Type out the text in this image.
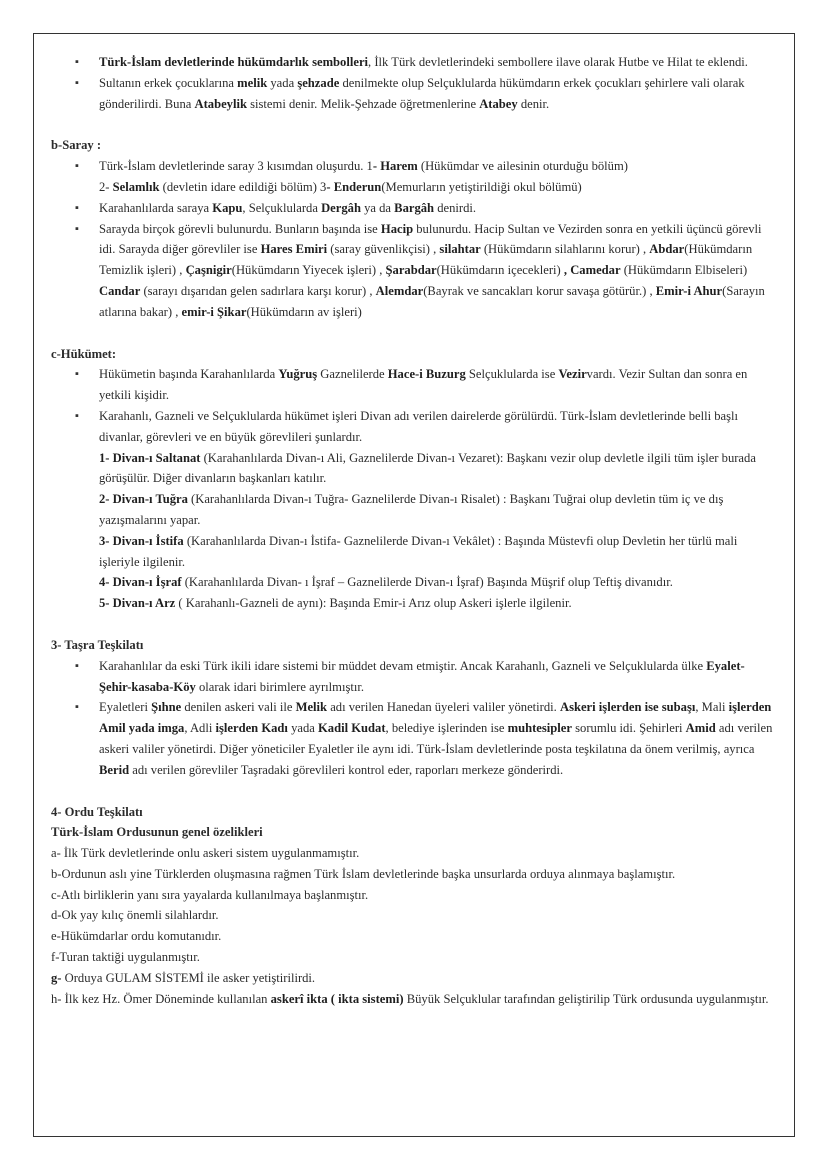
▪ Türk-İslam devletlerinde hükümdarlık sembolleri, İlk Türk devletlerindeki sembollere ilave olarak Hutbe ve Hilat te eklendi.
▪ Sultanın erkek çocuklarına melik yada şehzade denilmekte olup Selçuklularda hükümdarın erkek çocukları şehirlere vali olarak gönderilirdi. Buna Atabeylik sistemi denir. Melik-Şehzade öğretmenlerine Atabey denir.

b-Saray :

▪ Türk-İslam devletlerinde saray 3 kısımdan oluşurdu. 1- Harem (Hükümdar ve ailesinin oturduğu bölüm)
2- Selamlık (devletin idare edildiği bölüm) 3- Enderun(Memurların yetiştirildiği okul bölümü)
▪ Karahanlılarda saraya Kapu, Selçuklularda Dergâh ya da Bargâh denirdi.
▪ Sarayda birçok görevli bulunurdu. Bunların başında ise Hacip bulunurdu. Hacip Sultan ve Vezirden sonra en yetkili üçüncü görevli idi. Sarayda diğer görevliler ise Hares Emiri (saray güvenlikçisi) , silahtar (Hükümdarın silahlarını korur) , Abdar(Hükümdarın Temizlik işleri) , Çaşnigir(Hükümdarın Yiyecek işleri) , Şarabdar(Hükümdarın içecekleri) , Camedar (Hükümdarın Elbiseleri) Candar (sarayı dışarıdan gelen sadırlara karşı korur) , Alemdar(Bayrak ve sancakları korur savaşa götürür.) , Emir-i Ahur(Sarayın atlarına bakar) , emir-i Şikar(Hükümdarın av işleri)

c-Hükümet:

▪ Hükümetin başında Karahanlılarda Yuğruş Gaznelilerde Hace-i Buzurg Selçuklularda ise Vezirvardı. Vezir Sultan dan sonra en yetkili kişidir.
▪ Karahanlı, Gazneli ve Selçuklularda hükümet işleri Divan adı verilen dairelerde görülürdü. Türk-İslam devletlerinde belli başlı divanlar, görevleri ve en büyük görevlileri şunlardır.
1- Divan-ı Saltanat (Karahanlılarda Divan-ı Ali, Gaznelilerde Divan-ı Vezaret): Başkanı vezir olup devletle ilgili tüm işler burada görüşülür. Diğer divanların başkanları katılır.
2- Divan-ı Tuğra (Karahanlılarda Divan-ı Tuğra- Gaznelilerde Divan-ı Risalet) : Başkanı Tuğrai olup devletin tüm iç ve dış yazışmalarını yapar.
3- Divan-ı İstifa (Karahanlılarda Divan-ı İstifa- Gaznelilerde Divan-ı Vekâlet) : Başında Müstevfi olup Devletin her türlü mali işleriyle ilgilenir.
4- Divan-ı İşraf (Karahanlılarda Divan- ı İşraf – Gaznelilerde Divan-ı İşraf) Başında Müşrif olup Teftiş divanıdır.
5- Divan-ı Arz ( Karahanlı-Gazneli de aynı): Başında Emir-i Arız olup Askeri işlerle ilgilenir.

3- Taşra Teşkilatı

▪ Karahanlılar da eski Türk ikili idare sistemi bir müddet devam etmiştir. Ancak Karahanlı, Gazneli ve Selçuklularda ülke Eyalet-Şehir-kasaba-Köy olarak idari birimlere ayrılmıştır.
▪ Eyaletleri Şıhne denilen askeri vali ile Melik adı verilen Hanedan üyeleri valiler yönetirdi. Askeri işlerden ise subaşı, Mali işlerden Amil yada imga, Adli işlerden Kadı yada Kadil Kudat, belediye işlerinden ise muhtesipler sorumlu idi. Şehirleri Amid adı verilen askeri valiler yönetirdi. Diğer yöneticiler Eyaletler ile aynı idi. Türk-İslam devletlerinde posta teşkilatına da önem verilmiş, ayrıca Berid adı verilen görevliler Taşradaki görevlileri kontrol eder, raporları merkeze gönderirdi.

4- Ordu Teşkilatı

Türk-İslam Ordusunun genel özelikleri

a- İlk Türk devletlerinde onlu askeri sistem uygulanmamıştır.

b-Ordunun aslı yine Türklerden oluşmasına rağmen Türk İslam devletlerinde başka unsurlarda orduya alınmaya başlamıştır.

c-Atlı birliklerin yanı sıra yayalarda kullanılmaya başlanmıştır.

d-Ok yay kılıç önemli silahlardır.

e-Hükümdarlar ordu komutanıdır.

f-Turan taktiği uygulanmıştır.

g- Orduya GULAM SİSTEMİ ile asker yetiştirilirdi.

h- İlk kez Hz. Ömer Döneminde kullanılan askerî ikta ( ikta sistemi) Büyük Selçuklular tarafından geliştirilip Türk ordusunda uygulanmıştır.
